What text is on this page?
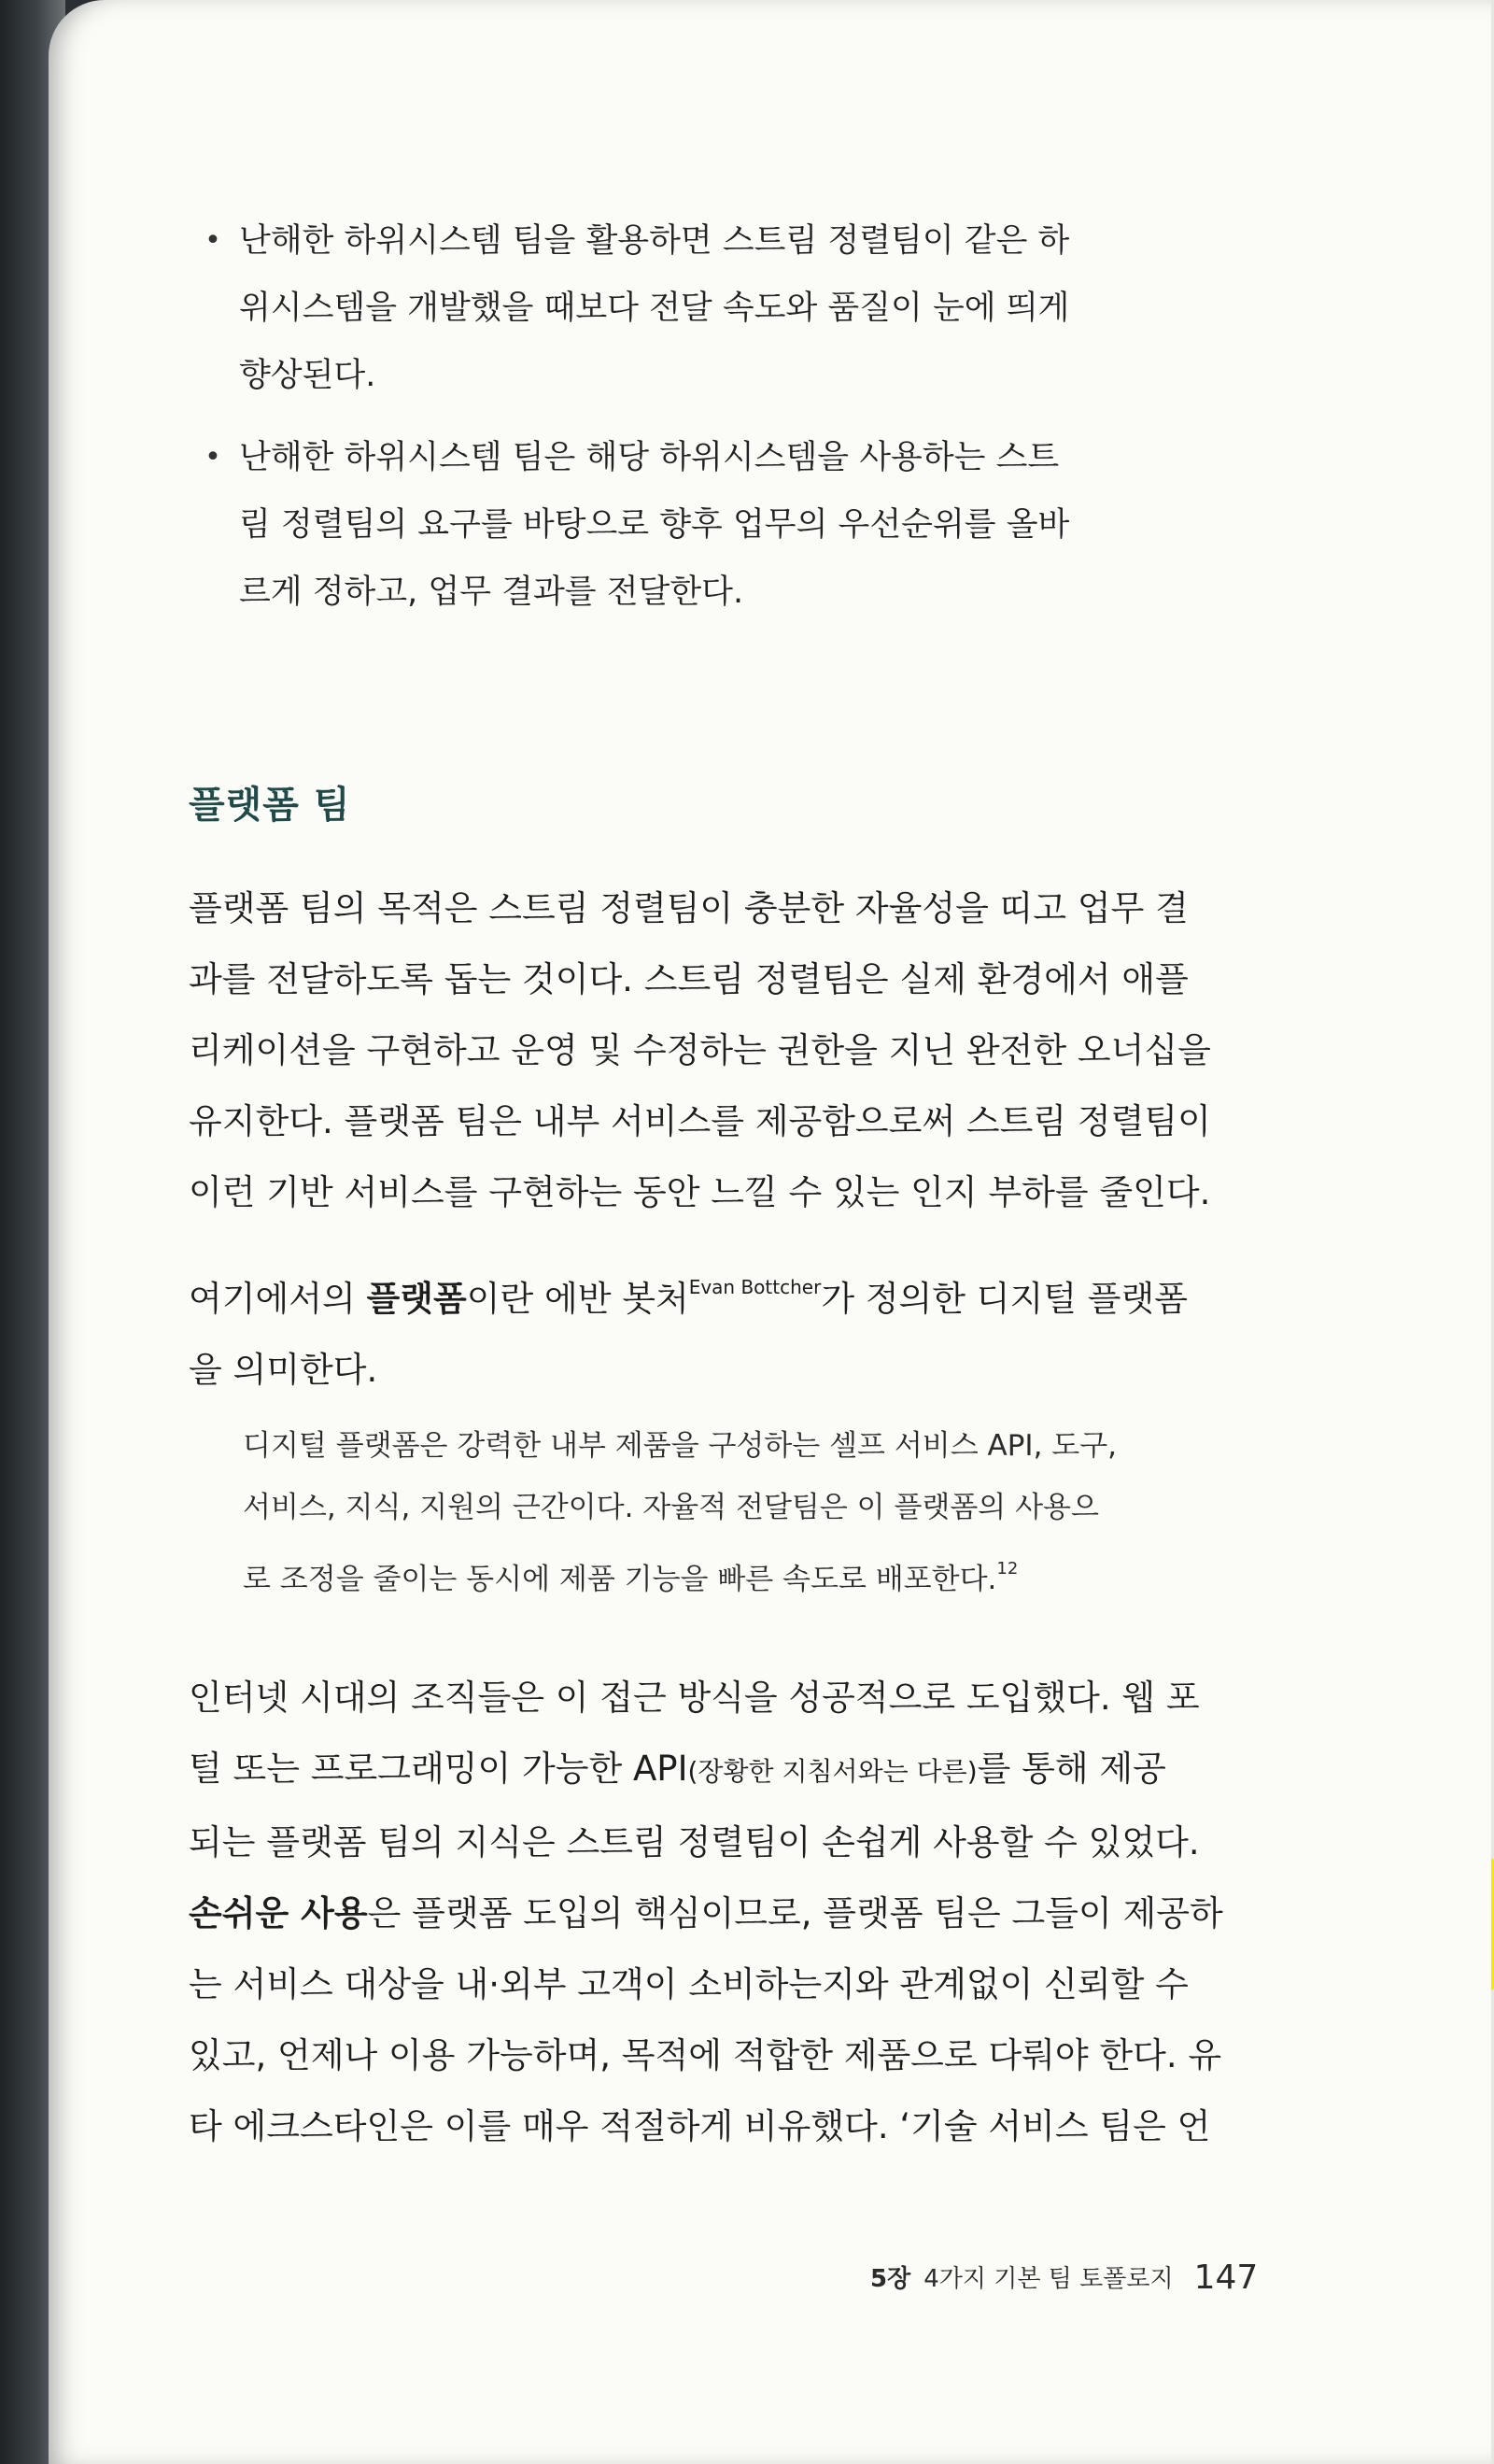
• 난해한 하위시스템 팀을 활용하면 스트림 정렬팀이 같은 하
위시스템을 개발했을 때보다 전달 속도와 품질이 눈에 띄게
향상된다.
• 난해한 하위시스템 팀은 해당 하위시스템을 사용하는 스트
림 정렬팀의 요구를 바탕으로 향후 업무의 우선순위를 올바
르게 정하고, 업무 결과를 전달한다.
플랫폼 팀
플랫폼 팀의 목적은 스트림 정렬팀이 충분한 자율성을 띠고 업무 결
과를 전달하도록 돕는 것이다. 스트림 정렬팀은 실제 환경에서 애플
리케이션을 구현하고 운영 및 수정하는 권한을 지닌 완전한 오너십을
유지한다. 플랫폼 팀은 내부 서비스를 제공함으로써 스트림 정렬팀이
이런 기반 서비스를 구현하는 동안 느낄 수 있는 인지 부하를 줄인다.
여기에서의 플랫폼이란 에반 봇처$^{Evan Bottcher}$가 정의한 디지털 플랫폼
을 의미한다.
디지털 플랫폼은 강력한 내부 제품을 구성하는 셀프 서비스 API, 도구,
서비스, 지식, 지원의 근간이다. 자율적 전달팀은 이 플랫폼의 사용으
로 조정을 줄이는 동시에 제품 기능을 빠른 속도로 배포한다.$^{12}$
인터넷 시대의 조직들은 이 접근 방식을 성공적으로 도입했다. 웹 포
털 또는 프로그래밍이 가능한 API(장황한 지침서와는 다른)를 통해 제공
되는 플랫폼 팀의 지식은 스트림 정렬팀이 손쉽게 사용할 수 있었다.
손쉬운 사용은 플랫폼 도입의 핵심이므로, 플랫폼 팀은 그들이 제공하
는 서비스 대상을 내·외부 고객이 소비하는지와 관계없이 신뢰할 수
있고, 언제나 이용 가능하며, 목적에 적합한 제품으로 다뤄야 한다. 유
타 에크스타인은 이를 매우 적절하게 비유했다. ‘기술 서비스 팀은 언
5장 4가지 기본 팀 토폴로지 147
